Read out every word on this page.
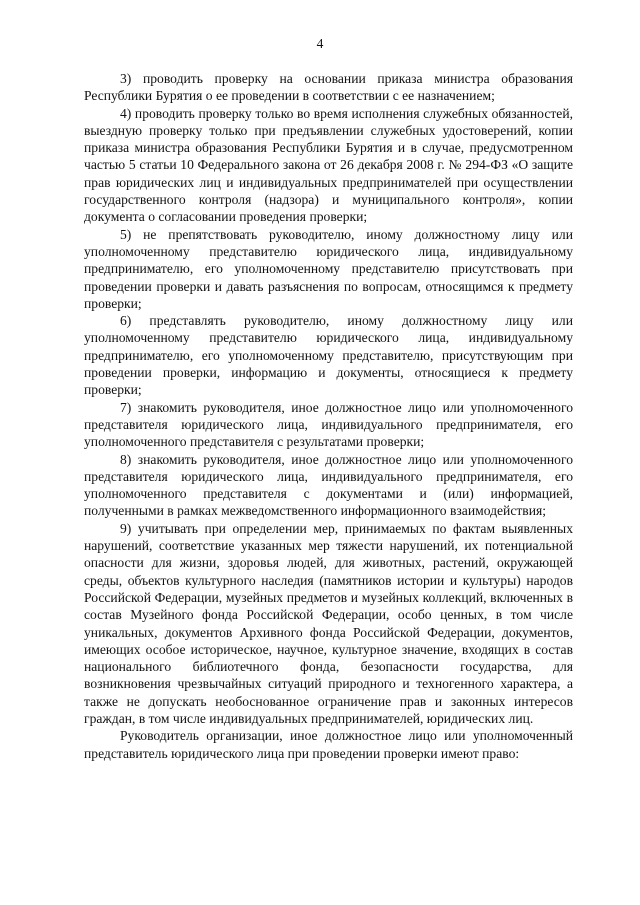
4

3) проводить проверку на основании приказа министра образования Республики Бурятия о ее проведении в соответствии с ее назначением;

4) проводить проверку только во время исполнения служебных обязанностей, выездную проверку только при предъявлении служебных удостоверений, копии приказа министра образования Республики Бурятия и в случае, предусмотренном частью 5 статьи 10 Федерального закона от 26 декабря 2008 г. № 294-ФЗ «О защите прав юридических лиц и индивидуальных предпринимателей при осуществлении государственного контроля (надзора) и муниципального контроля», копии документа о согласовании проведения проверки;

5) не препятствовать руководителю, иному должностному лицу или уполномоченному представителю юридического лица, индивидуальному предпринимателю, его уполномоченному представителю присутствовать при проведении проверки и давать разъяснения по вопросам, относящимся к предмету проверки;

6) представлять руководителю, иному должностному лицу или уполномоченному представителю юридического лица, индивидуальному предпринимателю, его уполномоченному представителю, присутствующим при проведении проверки, информацию и документы, относящиеся к предмету проверки;

7) знакомить руководителя, иное должностное лицо или уполномоченного представителя юридического лица, индивидуального предпринимателя, его уполномоченного представителя с результатами проверки;

8) знакомить руководителя, иное должностное лицо или уполномоченного представителя юридического лица, индивидуального предпринимателя, его уполномоченного представителя с документами и (или) информацией, полученными в рамках межведомственного информационного взаимодействия;

9) учитывать при определении мер, принимаемых по фактам выявленных нарушений, соответствие указанных мер тяжести нарушений, их потенциальной опасности для жизни, здоровья людей, для животных, растений, окружающей среды, объектов культурного наследия (памятников истории и культуры) народов Российской Федерации, музейных предметов и музейных коллекций, включенных в состав Музейного фонда Российской Федерации, особо ценных, в том числе уникальных, документов Архивного фонда Российской Федерации, документов, имеющих особое историческое, научное, культурное значение, входящих в состав национального библиотечного фонда, безопасности государства, для возникновения чрезвычайных ситуаций природного и техногенного характера, а также не допускать необоснованное ограничение прав и законных интересов граждан, в том числе индивидуальных предпринимателей, юридических лиц.

Руководитель организации, иное должностное лицо или уполномоченный представитель юридического лица при проведении проверки имеют право:
